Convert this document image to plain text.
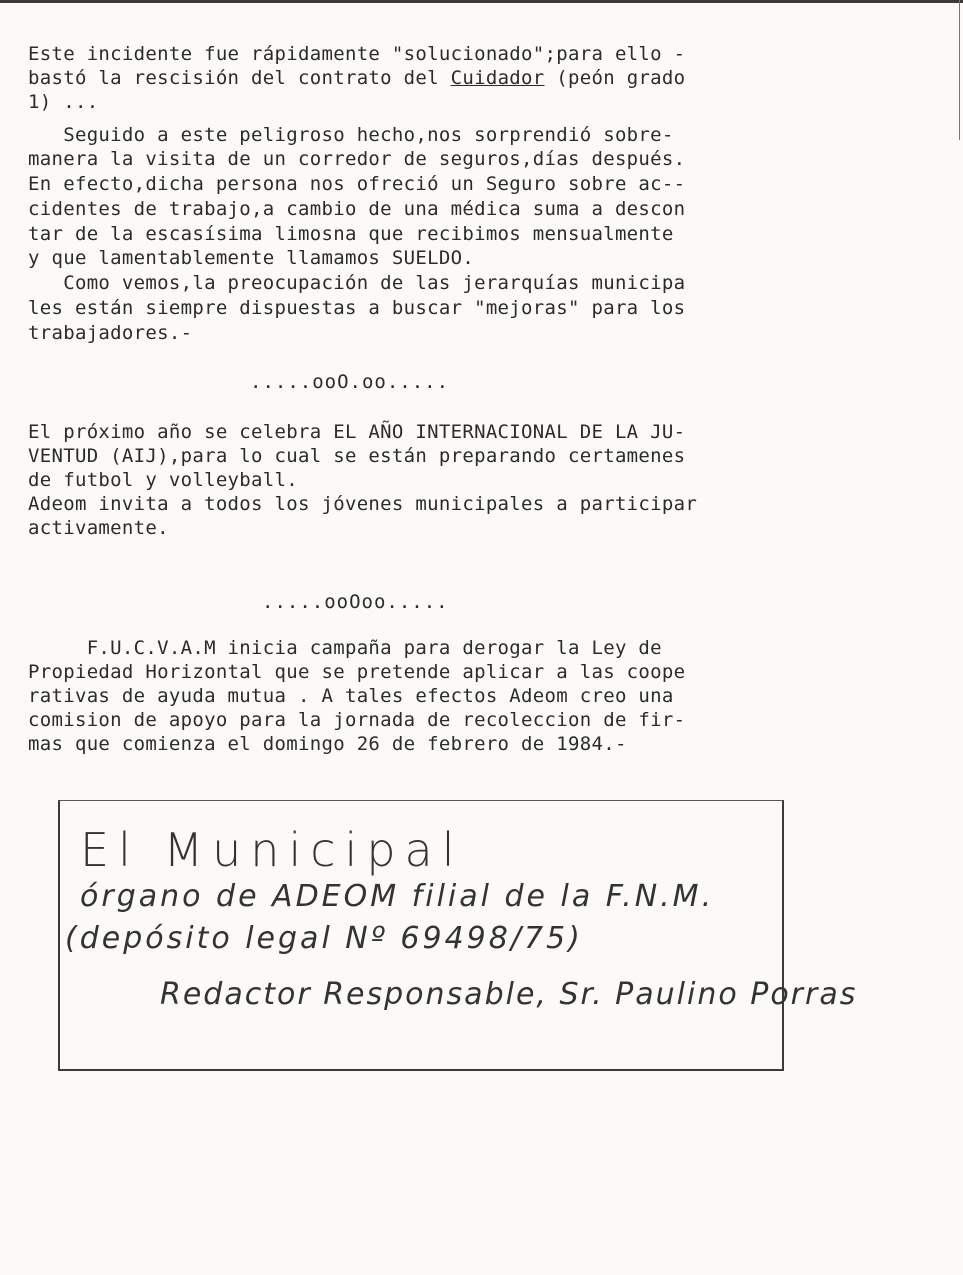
Este incidente fue rápidamente "solucionado";para ello -
bastó la rescisión del contrato del Cuidador (peón grado
1) ...
Seguido a este peligroso hecho,nos sorprendió sobre-
manera la visita de un corredor de seguros,días después.
En efecto,dicha persona nos ofreció un Seguro sobre ac--
cidentes de trabajo,a cambio de una médica suma a descon
tar de la escasísima limosna que recibimos mensualmente
y que lamentablemente llamamos SUELDO.
Como vemos,la preocupación de las jerarquías municipa
les están siempre dispuestas a buscar "mejoras" para los
trabajadores.-
.....ooO.oo.....
El próximo año se celebra EL AÑO INTERNACIONAL DE LA JU-
VENTUD (AIJ),para lo cual se están preparando certamenes
de futbol y volleyball.
Adeom invita a todos los jóvenes municipales a participar
activamente.
.....ooOoo.....
F.U.C.V.A.M inicia campaña para derogar la Ley de
Propiedad Horizontal que se pretende aplicar a las coope
rativas de ayuda mutua . A tales efectos Adeom creo una
comision de apoyo para la jornada de recoleccion de fir-
mas que comienza el domingo 26 de febrero de 1984.-
El Municipal
órgano de ADEOM filial de la F.N.M.
(depósito legal Nº 69498/75)
Redactor Responsable, Sr. Paulino Porras
